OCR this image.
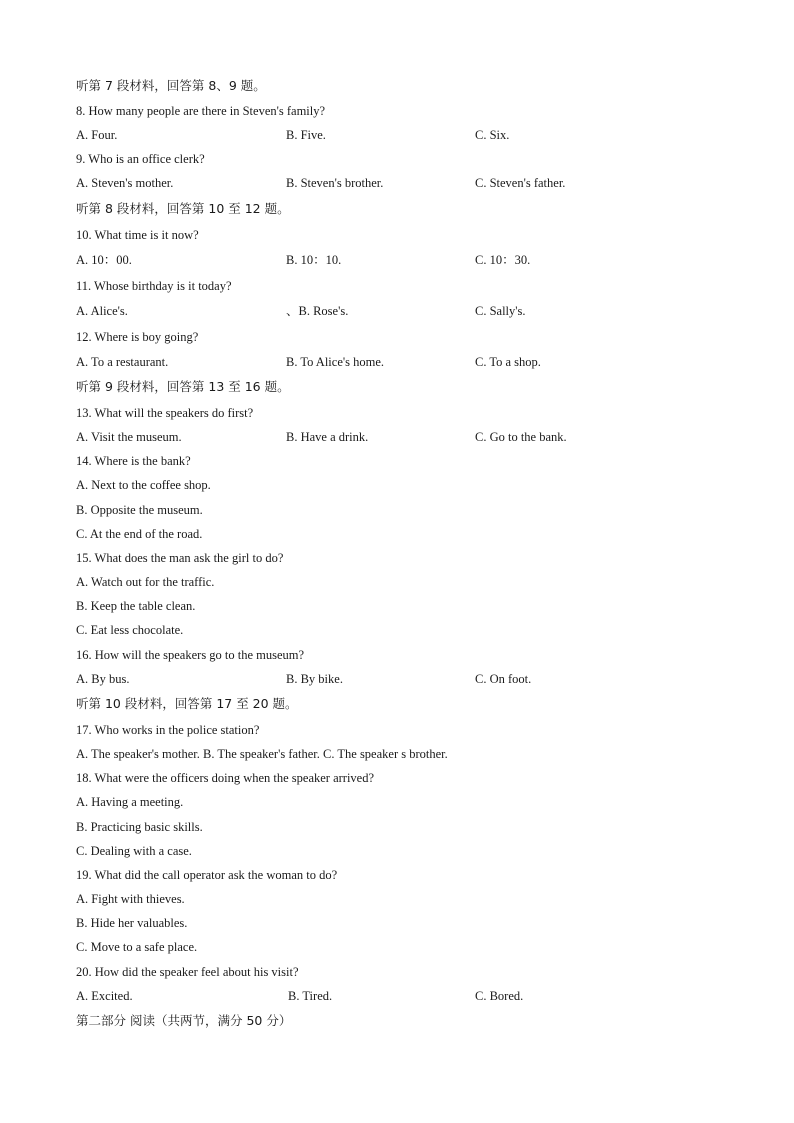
听第 7 段材料，回答第 8、9 题。
8. How many people are there in Steven's family?
A. Four.	B. Five.	C. Six.
9. Who is an office clerk?
A. Steven's mother.	B. Steven's brother.	C. Steven's father.
听第 8 段材料，回答第 10 至 12 题。
10. What time is it now?
A. 10：00.	B. 10：10.	C. 10：30.
11. Whose birthday is it today?
A. Alice's.	、B. Rose's.	C. Sally's.
12. Where is boy going?
A. To a restaurant.	B. To Alice's home.	C. To a shop.
听第 9 段材料，回答第 13 至 16 题。
13. What will the speakers do first?
A. Visit the museum.	B. Have a drink.	C. Go to the bank.
14. Where is the bank?
A. Next to the coffee shop.
B. Opposite the museum.
C. At the end of the road.
15. What does the man ask the girl to do?
A. Watch out for the traffic.
B. Keep the table clean.
C. Eat less chocolate.
16. How will the speakers go to the museum?
A. By bus.	B. By bike.	C. On foot.
听第 10 段材料，回答第 17 至 20 题。
17. Who works in the police station?
A. The speaker's mother. B. The speaker's father. C. The speaker s brother.
18. What were the officers doing when the speaker arrived?
A. Having a meeting.
B. Practicing basic skills.
C. Dealing with a case.
19. What did the call operator ask the woman to do?
A. Fight with thieves.
B. Hide her valuables.
C. Move to a safe place.
20. How did the speaker feel about his visit?
A. Excited.	B. Tired.	C. Bored.
第二部分 阅读（共两节，满分 50 分）
